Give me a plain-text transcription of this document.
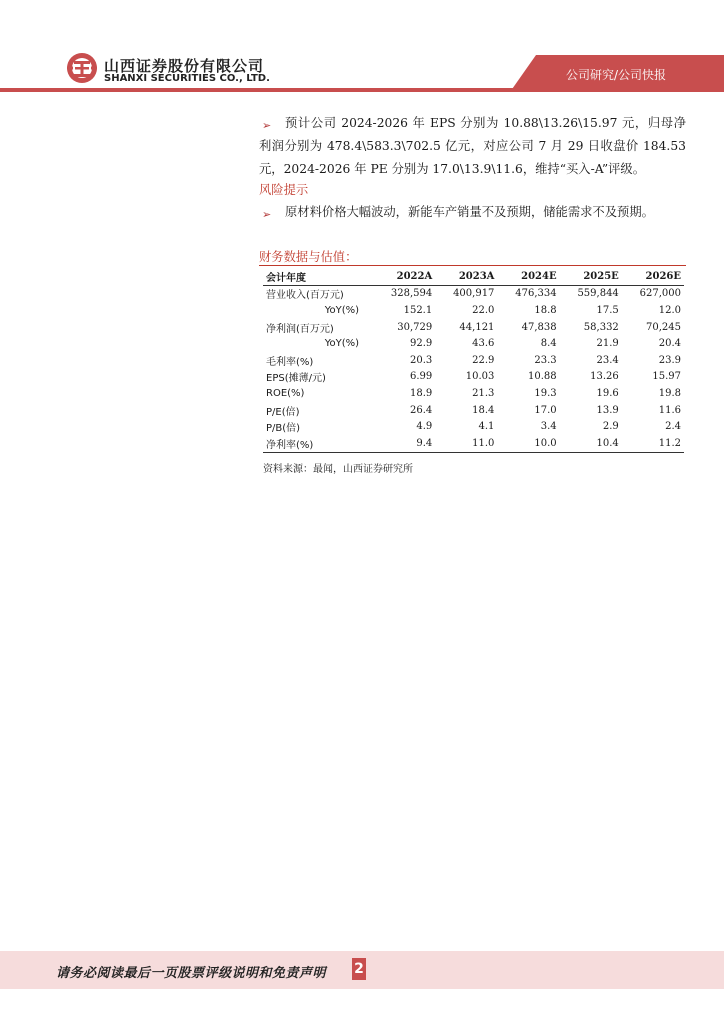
山西证券股份有限公司
SHANXI SECURITIES CO., LTD.	公司研究/公司快报
➢	预计公司 2024-2026 年 EPS 分别为 10.88\13.26\15.97 元，归母净利润分别为 478.4\583.3\702.5 亿元，对应公司 7 月 29 日收盘价 184.53 元，2024-2026 年 PE 分别为 17.0\13.9\11.6，维持“买入-A”评级。
风险提示
➢	原材料价格大幅波动，新能车产销量不及预期，储能需求不及预期。
财务数据与估值：
会计年度	2022A	2023A	2024E	2025E	2026E
营业收入(百万元)	328,594	400,917	476,334	559,844	627,000
YoY(%)	152.1	22.0	18.8	17.5	12.0
净利润(百万元)	30,729	44,121	47,838	58,332	70,245
YoY(%)	92.9	43.6	8.4	21.9	20.4
毛利率(%)	20.3	22.9	23.3	23.4	23.9
EPS(摊薄/元)	6.99	10.03	10.88	13.26	15.97
ROE(%)	18.9	21.3	19.3	19.6	19.8
P/E(倍)	26.4	18.4	17.0	13.9	11.6
P/B(倍)	4.9	4.1	3.4	2.9	2.4
净利率(%)	9.4	11.0	10.0	10.4	11.2
资料来源：最闻，山西证券研究所
请务必阅读最后一页股票评级说明和免责声明 2
